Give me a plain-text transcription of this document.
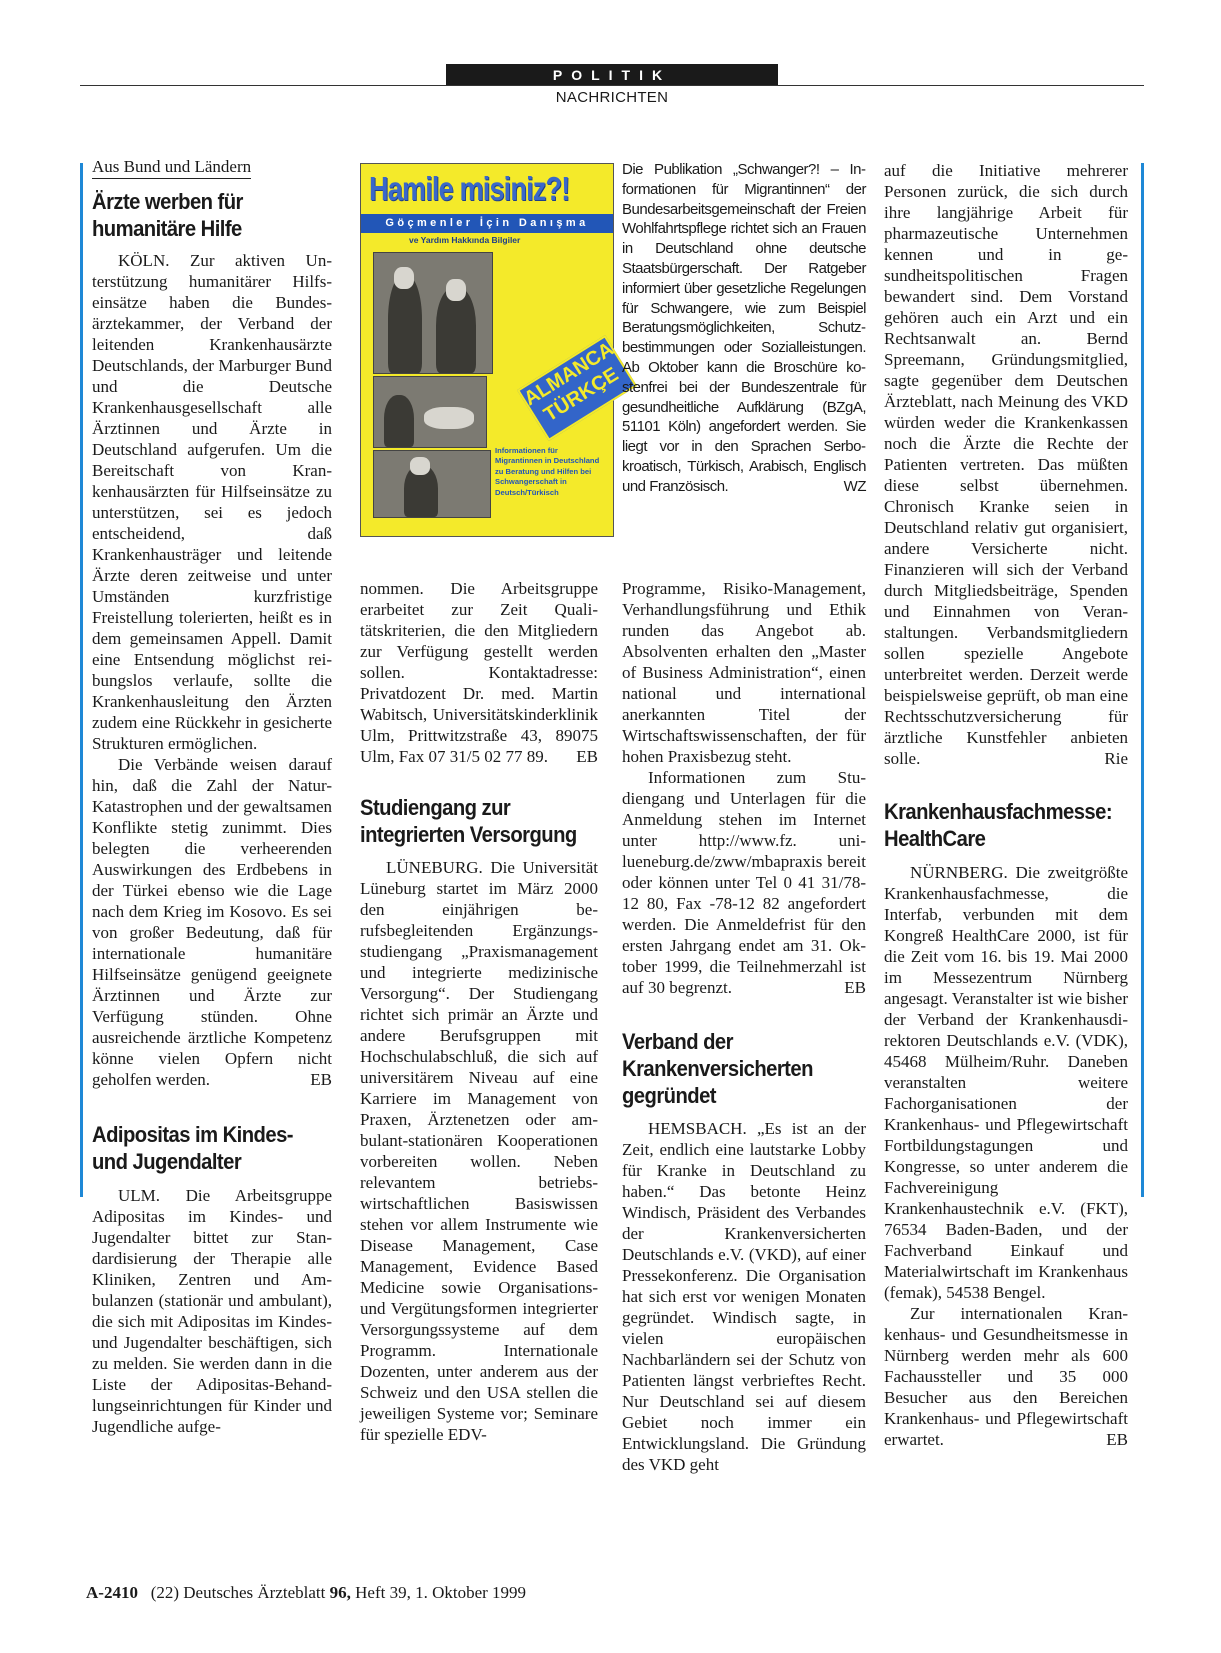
POLITIK
NACHRICHTEN
Aus Bund und Ländern
Ärzte werben für humanitäre Hilfe

KÖLN. Zur aktiven Unterstützung humanitärer Hilfseinsätze haben die Bundesärztekammer, der Verband der leitenden Krankenhausärzte Deutschlands, der Marburger Bund und die Deutsche Krankenhausgesellschaft alle Ärztinnen und Ärzte in Deutschland aufgerufen. Um die Bereitschaft von Krankenhausärzten für Hilfseinsätze zu unterstützen, sei es jedoch entscheidend, daß Krankenhausträger und leitende Ärzte deren zeitweise und unter Umständen kurzfristige Freistellung tolerierten, heißt es in dem gemeinsamen Appell. Damit eine Entsendung möglichst reibungslos verlaufe, sollte die Krankenhausleitung den Ärzten zudem eine Rückkehr in gesicherte Strukturen ermöglichen.

Die Verbände weisen darauf hin, daß die Zahl der Natur-Katastrophen und der gewaltsamen Konflikte stetig zunimmt. Dies belegten die verheerenden Auswirkungen des Erdbebens in der Türkei ebenso wie die Lage nach dem Krieg im Kosovo. Es sei von großer Bedeutung, daß für internationale humanitäre Hilfseinsätze genügend geeignete Ärztinnen und Ärzte zur Verfügung stünden. Ohne ausreichende ärztliche Kompetenz könne vielen Opfern nicht geholfen werden.	EB

Adipositas im Kindes- und Jugendalter

ULM. Die Arbeitsgruppe Adipositas im Kindes- und Jugendalter bittet zur Standardisierung der Therapie alle Kliniken, Zentren und Ambulanzen (stationär und ambulant), die sich mit Adipositas im Kindes- und Jugendalter beschäftigen, sich zu melden. Sie werden dann in die Liste der Adipositas-Behandlungseinrichtungen für Kinder und Jugendliche aufge-

Hamile misiniz?!
Göçmenler İçin Danışma
ve Yardım Hakkında Bilgiler
ALMANCA TÜRKÇE
Informationen für Migrantinnen in Deutschland zu Beratung und Hilfen bei Schwangerschaft in Deutsch/Türkisch
Die Publikation „Schwanger?! – Informationen für Migrantinnen“ der Bundesarbeitsgemeinschaft der Freien Wohlfahrtspflege richtet sich an Frauen in Deutschland ohne deutsche Staatsbürgerschaft. Der Ratgeber informiert über gesetzliche Regelungen für Schwangere, wie zum Beispiel Beratungsmöglichkeiten, Schutzbestimmungen oder Sozialleistungen. Ab Oktober kann die Broschüre kostenfrei bei der Bundeszentrale für gesundheitliche Aufklärung (BZgA, 51101 Köln) angefordert werden. Sie liegt vor in den Sprachen Serbokroatisch, Türkisch, Arabisch, Englisch und Französisch.	WZ

nommen. Die Arbeitsgruppe erarbeitet zur Zeit Qualitätskriterien, die den Mitgliedern zur Verfügung gestellt werden sollen. Kontaktadresse: Privatdozent Dr. med. Martin Wabitsch, Universitätskinderklinik Ulm, Prittwitzstraße 43, 89075 Ulm, Fax 07 31/5 02 77 89. EB

Studiengang zur integrierten Versorgung

LÜNEBURG. Die Universität Lüneburg startet im März 2000 den einjährigen berufsbegleitenden Ergänzungsstudiengang „Praxismanagement und integrierte medizinische Versorgung“. Der Studiengang richtet sich primär an Ärzte und andere Berufsgruppen mit Hochschulabschluß, die sich auf universitärem Niveau auf eine Karriere im Management von Praxen, Ärztenetzen oder ambulant-stationären Kooperationen vorbereiten wollen. Neben relevantem betriebswirtschaftlichen Basiswissen stehen vor allem Instrumente wie Disease Management, Case Management, Evidence Based Medicine sowie Organisations- und Vergütungsformen integrierter Versorgungssysteme auf dem Programm. Internationale Dozenten, unter anderem aus der Schweiz und den USA stellen die jeweiligen Systeme vor; Seminare für spezielle EDV-

Programme, Risiko-Management, Verhandlungsführung und Ethik runden das Angebot ab. Absolventen erhalten den „Master of Business Administration“, einen national und international anerkannten Titel der Wirtschaftswissenschaften, der für hohen Praxisbezug steht.

Informationen zum Studiengang und Unterlagen für die Anmeldung stehen im Internet unter http://www.fz. uni-lueneburg.de/zww/mbapraxis bereit oder können unter Tel 0 41 31/78-12 80, Fax -78-12 82 angefordert werden. Die Anmeldefrist für den ersten Jahrgang endet am 31. Oktober 1999, die Teilnehmerzahl ist auf 30 begrenzt.	EB

Verband der Krankenversicherten gegründet

HEMSBACH. „Es ist an der Zeit, endlich eine lautstarke Lobby für Kranke in Deutschland zu haben.“ Das betonte Heinz Windisch, Präsident des Verbandes der Krankenversicherten Deutschlands e.V. (VKD), auf einer Pressekonferenz. Die Organisation hat sich erst vor wenigen Monaten gegründet. Windisch sagte, in vielen europäischen Nachbarländern sei der Schutz von Patienten längst verbrieftes Recht. Nur Deutschland sei auf diesem Gebiet noch immer ein Entwicklungsland. Die Gründung des VKD geht

auf die Initiative mehrerer Personen zurück, die sich durch ihre langjährige Arbeit für pharmazeutische Unternehmen kennen und in gesundheitspolitischen Fragen bewandert sind. Dem Vorstand gehören auch ein Arzt und ein Rechtsanwalt an. Bernd Spreemann, Gründungsmitglied, sagte gegenüber dem Deutschen Ärzteblatt, nach Meinung des VKD würden weder die Krankenkassen noch die Ärzte die Rechte der Patienten vertreten. Das müßten diese selbst übernehmen. Chronisch Kranke seien in Deutschland relativ gut organisiert, andere Versicherte nicht. Finanzieren will sich der Verband durch Mitgliedsbeiträge, Spenden und Einnahmen von Veranstaltungen. Verbandsmitgliedern sollen spezielle Angebote unterbreitet werden. Derzeit werde beispielsweise geprüft, ob man eine Rechtsschutzversicherung für ärztliche Kunstfehler anbieten solle.	Rie

Krankenhausfachmesse: HealthCare

NÜRNBERG. Die zweitgrößte Krankenhausfachmesse, die Interfab, verbunden mit dem Kongreß HealthCare 2000, ist für die Zeit vom 16. bis 19. Mai 2000 im Messezentrum Nürnberg angesagt. Veranstalter ist wie bisher der Verband der Krankenhausdirektoren Deutschlands e.V. (VDK), 45468 Mülheim/Ruhr. Daneben veranstalten weitere Fachorganisationen der Krankenhaus- und Pflegewirtschaft Fortbildungstagungen und Kongresse, so unter anderem die Fachvereinigung Krankenhaustechnik e.V. (FKT), 76534 Baden-Baden, und der Fachverband Einkauf und Materialwirtschaft im Krankenhaus (femak), 54538 Bengel.

Zur internationalen Krankenhaus- und Gesundheitsmesse in Nürnberg werden mehr als 600 Fachaussteller und 35 000 Besucher aus den Bereichen Krankenhaus- und Pflegewirtschaft erwartet.	EB

A-2410 (22) Deutsches Ärzteblatt 96, Heft 39, 1. Oktober 1999
